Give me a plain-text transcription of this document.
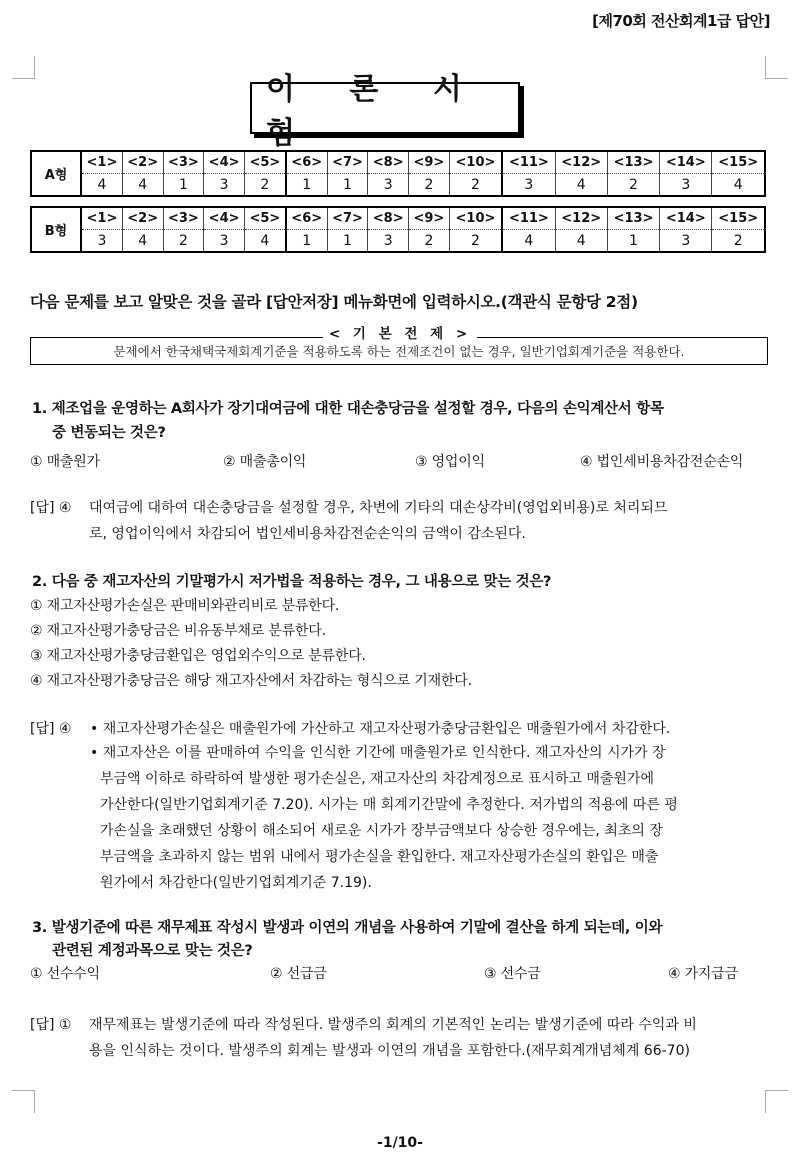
[제70회 전산회계1급 답안]
이 론 시 험
A형	<1>	<2>	<3>	<4>	<5>	<6>	<7>	<8>	<9>	<10>	<11>	<12>	<13>	<14>	<15>
	4	4	1	3	2	1	1	3	2	2	3	4	2	3	4
B형	<1>	<2>	<3>	<4>	<5>	<6>	<7>	<8>	<9>	<10>	<11>	<12>	<13>	<14>	<15>
	3	4	2	3	4	1	1	3	2	2	4	4	1	3	2
다음 문제를 보고 알맞은 것을 골라 [답안저장] 메뉴화면에 입력하시오.(객관식 문항당 2점)
문제에서 한국채택국제회계기준을 적용하도록 하는 전제조건이 없는 경우, 일반기업회계기준을 적용한다.
< 기 본 전 제 >
1. 제조업을 운영하는 A회사가 장기대여금에 대한 대손충당금을 설정할 경우, 다음의 손익계산서 항목
중 변동되는 것은?
① 매출원가	② 매출총이익	③ 영업이익	④ 법인세비용차감전순손익
[답] ④ 대여금에 대하여 대손충당금을 설정할 경우, 차변에 기타의 대손상각비(영업외비용)로 처리되므
로, 영업이익에서 차감되어 법인세비용차감전순손익의 금액이 감소된다.
2. 다음 중 재고자산의 기말평가시 저가법을 적용하는 경우, 그 내용으로 맞는 것은?
① 재고자산평가손실은 판매비와관리비로 분류한다.
② 재고자산평가충당금은 비유동부채로 분류한다.
③ 재고자산평가충당금환입은 영업외수익으로 분류한다.
④ 재고자산평가충당금은 해당 재고자산에서 차감하는 형식으로 기재한다.
[답] ④ • 재고자산평가손실은 매출원가에 가산하고 재고자산평가충당금환입은 매출원가에서 차감한다.
• 재고자산은 이를 판매하여 수익을 인식한 기간에 매출원가로 인식한다. 재고자산의 시가가 장
부금액 이하로 하락하여 발생한 평가손실은, 재고자산의 차감계정으로 표시하고 매출원가에
가산한다(일반기업회계기준 7.20). 시가는 매 회계기간말에 추정한다. 저가법의 적용에 따른 평
가손실을 초래했던 상황이 해소되어 새로운 시가가 장부금액보다 상승한 경우에는, 최초의 장
부금액을 초과하지 않는 범위 내에서 평가손실을 환입한다. 재고자산평가손실의 환입은 매출
원가에서 차감한다(일반기업회계기준 7.19).
3. 발생기준에 따른 재무제표 작성시 발생과 이연의 개념을 사용하여 기말에 결산을 하게 되는데, 이와
관련된 계정과목으로 맞는 것은?
① 선수수익	② 선급금	③ 선수금	④ 가지급금
[답] ① 재무제표는 발생기준에 따라 작성된다. 발생주의 회계의 기본적인 논리는 발생기준에 따라 수익과 비
용을 인식하는 것이다. 발생주의 회계는 발생과 이연의 개념을 포함한다.(재무회계개념체계 66-70)
-1/10-
